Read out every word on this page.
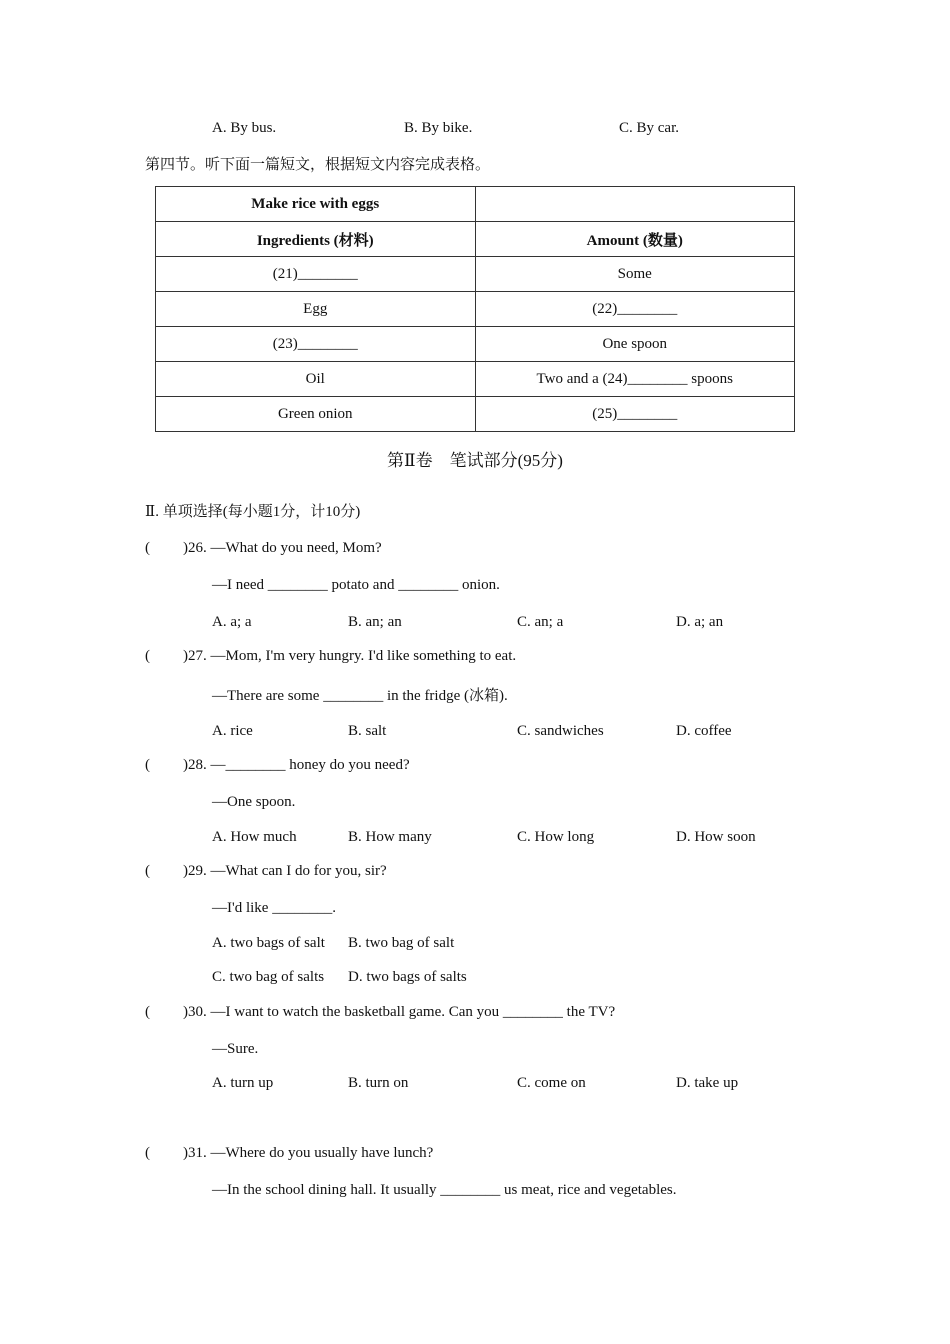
A. By bus.	B. By bike.	C. By car.
第四节。听下面一篇短文，根据短文内容完成表格。
Make rice with eggs	
Ingredients (材料)	Amount (数量)
(21)________	Some
Egg	(22)________
(23)________	One spoon
Oil	Two and a (24)________ spoons
Green onion	(25)________
第Ⅱ卷　笔试部分(95分)
Ⅱ. 单项选择(每小题1分，计10分)
( )26. —What do you need, Mom?
—I need ________ potato and ________ onion.
A. a; a	B. an; an	C. an; a	D. a; an
( )27. —Mom, I'm very hungry. I'd like something to eat.
—There are some ________ in the fridge (冰箱).
A. rice	B. salt	C. sandwiches	D. coffee
( )28. —________ honey do you need?
—One spoon.
A. How much	B. How many	C. How long	D. How soon
( )29. —What can I do for you, sir?
—I'd like ________.
A. two bags of salt B. two bag of salt
C. two bag of salts D. two bags of salts
( )30. —I want to watch the basketball game. Can you ________ the TV?
—Sure.
A. turn up	B. turn on	C. come on	D. take up
( )31. —Where do you usually have lunch?
—In the school dining hall. It usually ________ us meat, rice and vegetables.
